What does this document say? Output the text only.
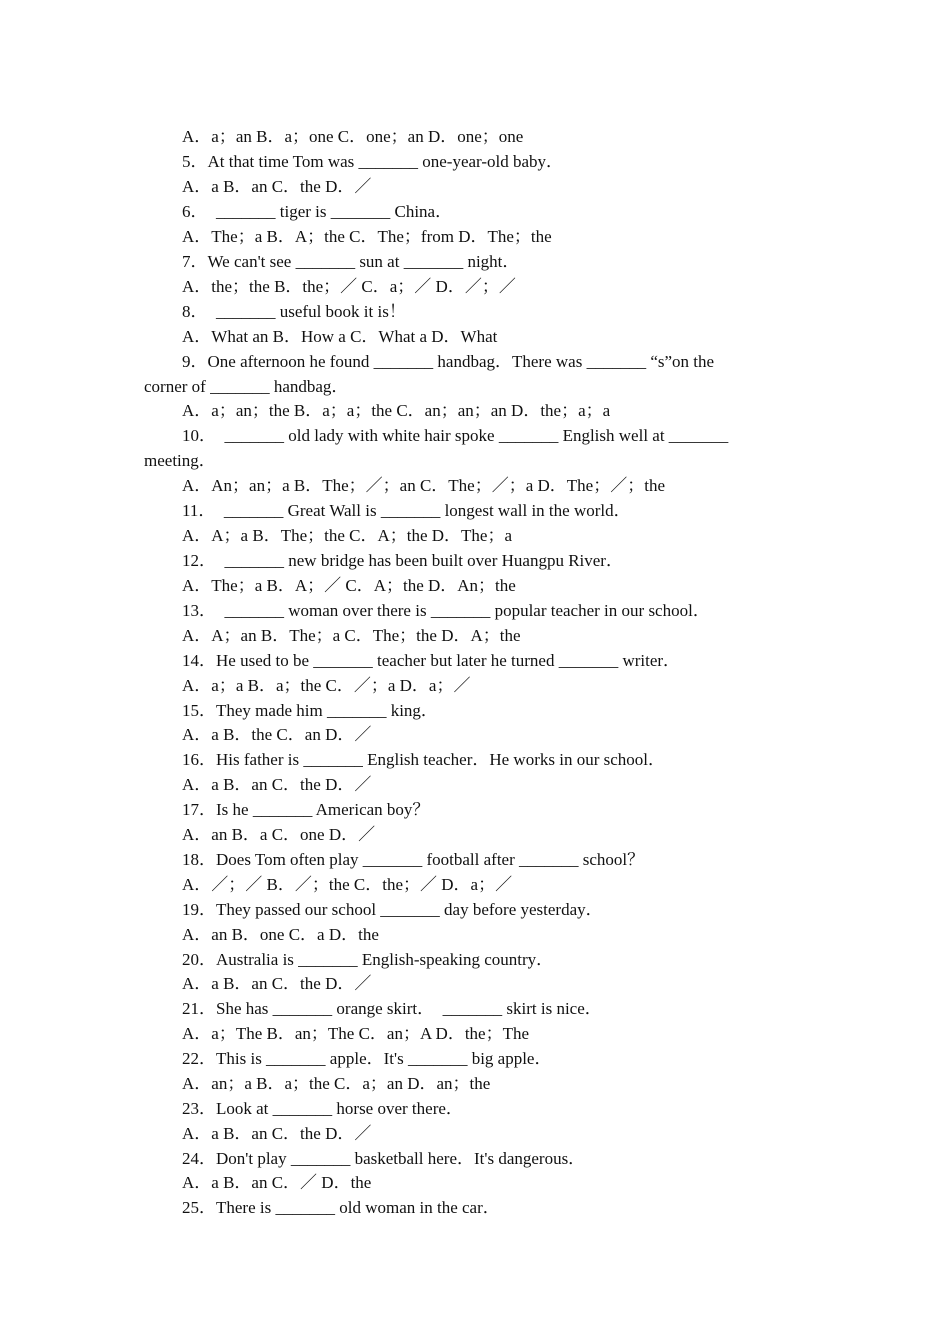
A．a；an B．a；one C．one；an D．one；one
5．At that time Tom was _______ one-year-old baby．
A．a B．an C．the D．／
6．  _______ tiger is _______ China．
A．The；a B．A；the C．The；from D．The；the
7．We can't see _______ sun at _______ night．
A．the；the B．the；／ C．a；／ D．／；／
8．  _______ useful book it is！
A．What an B．How a C．What a D．What
9．One afternoon he found _______ handbag．There was _______ “s”on the
corner of _______ handbag．
A．a；an；the B．a；a；the C．an；an；an D．the；a；a
10．  _______ old lady with white hair spoke _______ English well at _______
meeting．
A．An；an；a B．The；／；an C．The；／；a D．The；／；the
11．  _______ Great Wall is _______ longest wall in the world．
A．A；a B．The；the C．A；the D．The；a
12．  _______ new bridge has been built over Huangpu River．
A．The；a B．A；／ C．A；the D．An；the
13．  _______ woman over there is _______ popular teacher in our school．
A．A；an B．The；a C．The；the D．A；the
14．He used to be _______ teacher but later he turned _______ writer．
A．a；a B．a；the C．／；a D．a；／
15．They made him _______ king．
A．a B．the C．an D．／
16．His father is _______ English teacher．He works in our school．
A．a B．an C．the D．／
17．Is he _______ American boy？
A．an B．a C．one D．／
18．Does Tom often play _______ football after _______ school？
A．／；／ B．／；the C．the；／ D．a；／
19．They passed our school _______ day before yesterday．
A．an B．one C．a D．the
20．Australia is _______ English-speaking country．
A．a B．an C．the D．／
21．She has _______ orange skirt．  _______ skirt is nice．
A．a；The B．an；The C．an；A D．the；The
22．This is _______ apple．It's _______ big apple．
A．an；a B．a；the C．a；an D．an；the
23．Look at _______ horse over there．
A．a B．an C．the D．／
24．Don't play _______ basketball here．It's dangerous．
A．a B．an C．／ D．the
25．There is _______ old woman in the car．
